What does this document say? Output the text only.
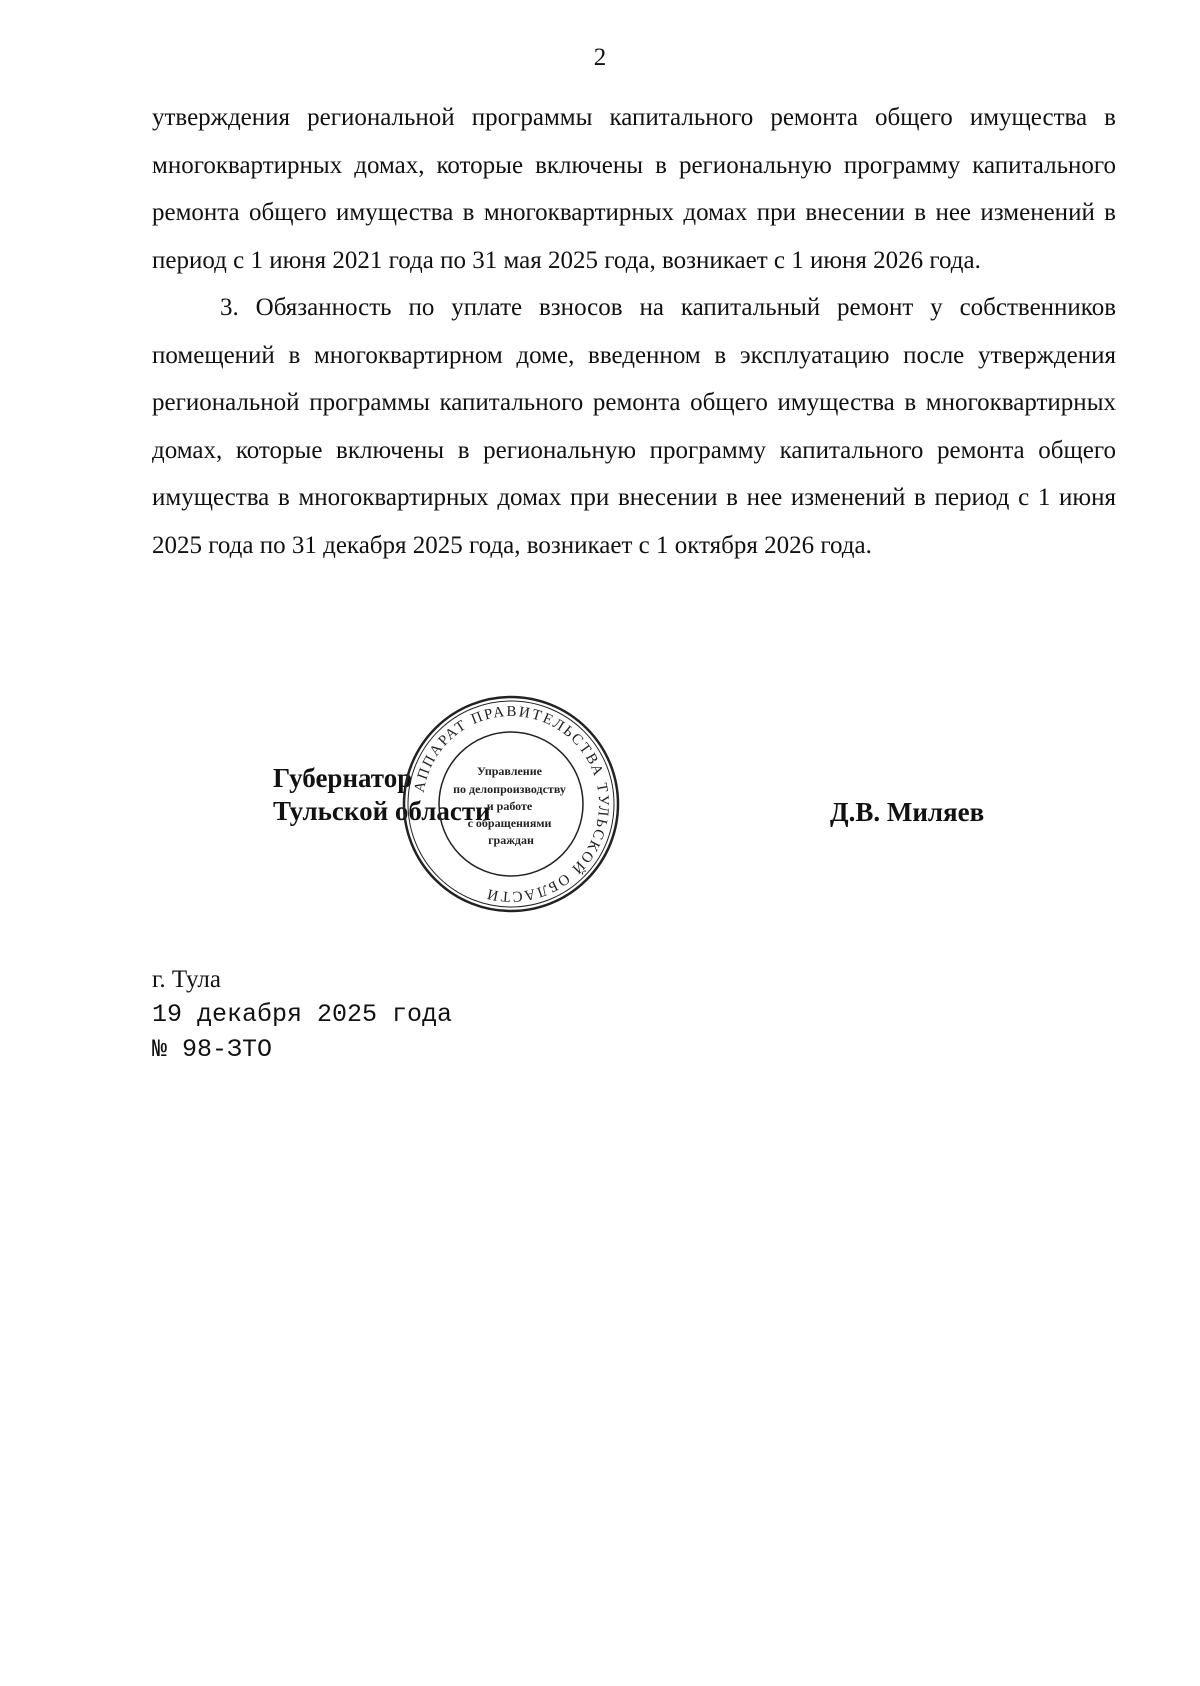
2

утверждения региональной программы капитального ремонта общего имущества в многоквартирных домах, которые включены в региональную программу капитального ремонта общего имущества в многоквартирных домах при внесении в нее изменений в период с 1 июня 2021 года по 31 мая 2025 года, возникает с 1 июня 2026 года.

3. Обязанность по уплате взносов на капитальный ремонт у собственников помещений в многоквартирном доме, введенном в эксплуатацию после утверждения региональной программы капитального ремонта общего имущества в многоквартирных домах, которые включены в региональную программу капитального ремонта общего имущества в многоквартирных домах при внесении в нее изменений в период с 1 июня 2025 года по 31 декабря 2025 года, возникает с 1 октября 2026 года.

Губернатор
Тульской области
АППАРАТ ПРАВИТЕЛЬСТВА ТУЛЬСКОЙ ОБЛАСТИ
Управление по делопроизводству и работе с обращениями граждан
Д.В. Миляев
г. Тула
19 декабря 2025 года
№ 98-ЗТО
